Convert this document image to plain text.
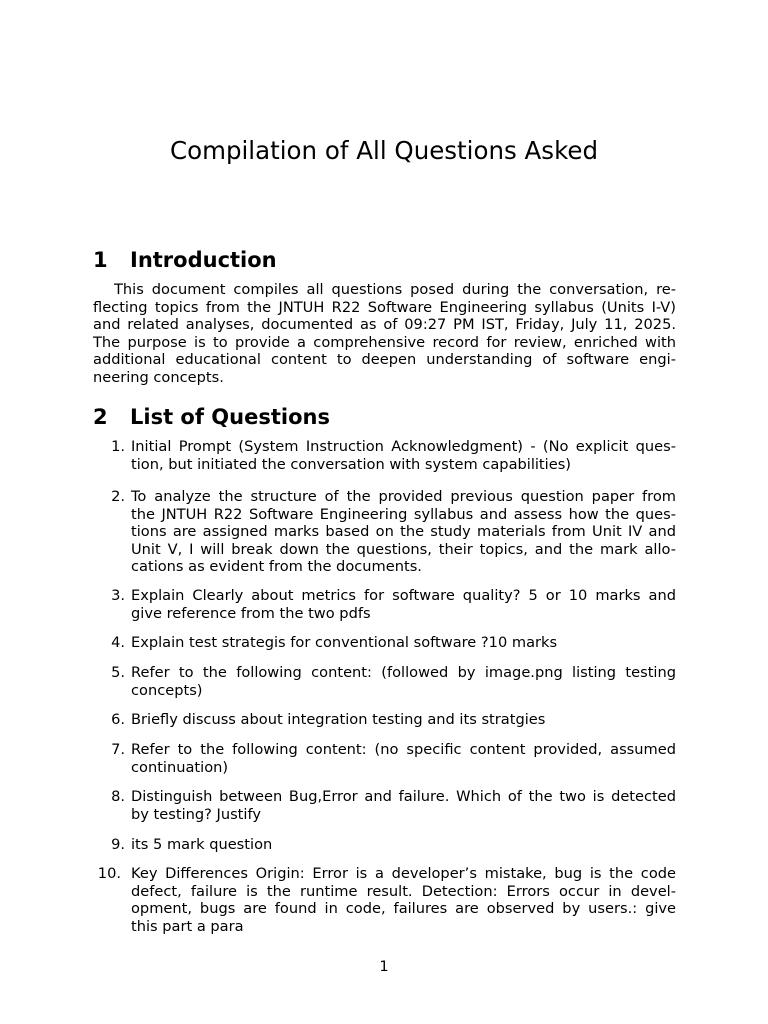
Compilation of All Questions Asked
1 Introduction
This document compiles all questions posed during the conversation, re-
flecting topics from the JNTUH R22 Software Engineering syllabus (Units I-V)
and related analyses, documented as of 09:27 PM IST, Friday, July 11, 2025.
The purpose is to provide a comprehensive record for review, enriched with
additional educational content to deepen understanding of software engi-
neering concepts.
2 List of Questions
1. Initial Prompt (System Instruction Acknowledgment) - (No explicit ques-
tion, but initiated the conversation with system capabilities)
2. To analyze the structure of the provided previous question paper from
the JNTUH R22 Software Engineering syllabus and assess how the ques-
tions are assigned marks based on the study materials from Unit IV and
Unit V, I will break down the questions, their topics, and the mark allo-
cations as evident from the documents.
3. Explain Clearly about metrics for software quality? 5 or 10 marks and
give reference from the two pdfs
4. Explain test strategis for conventional software ?10 marks
5. Refer to the following content: (followed by image.png listing testing
concepts)
6. Briefly discuss about integration testing and its stratgies
7. Refer to the following content: (no specific content provided, assumed
continuation)
8. Distinguish between Bug,Error and failure. Which of the two is detected
by testing? Justify
9. its 5 mark question
10. Key Differences Origin: Error is a developer’s mistake, bug is the code
defect, failure is the runtime result. Detection: Errors occur in devel-
opment, bugs are found in code, failures are observed by users.: give
this part a para
1
